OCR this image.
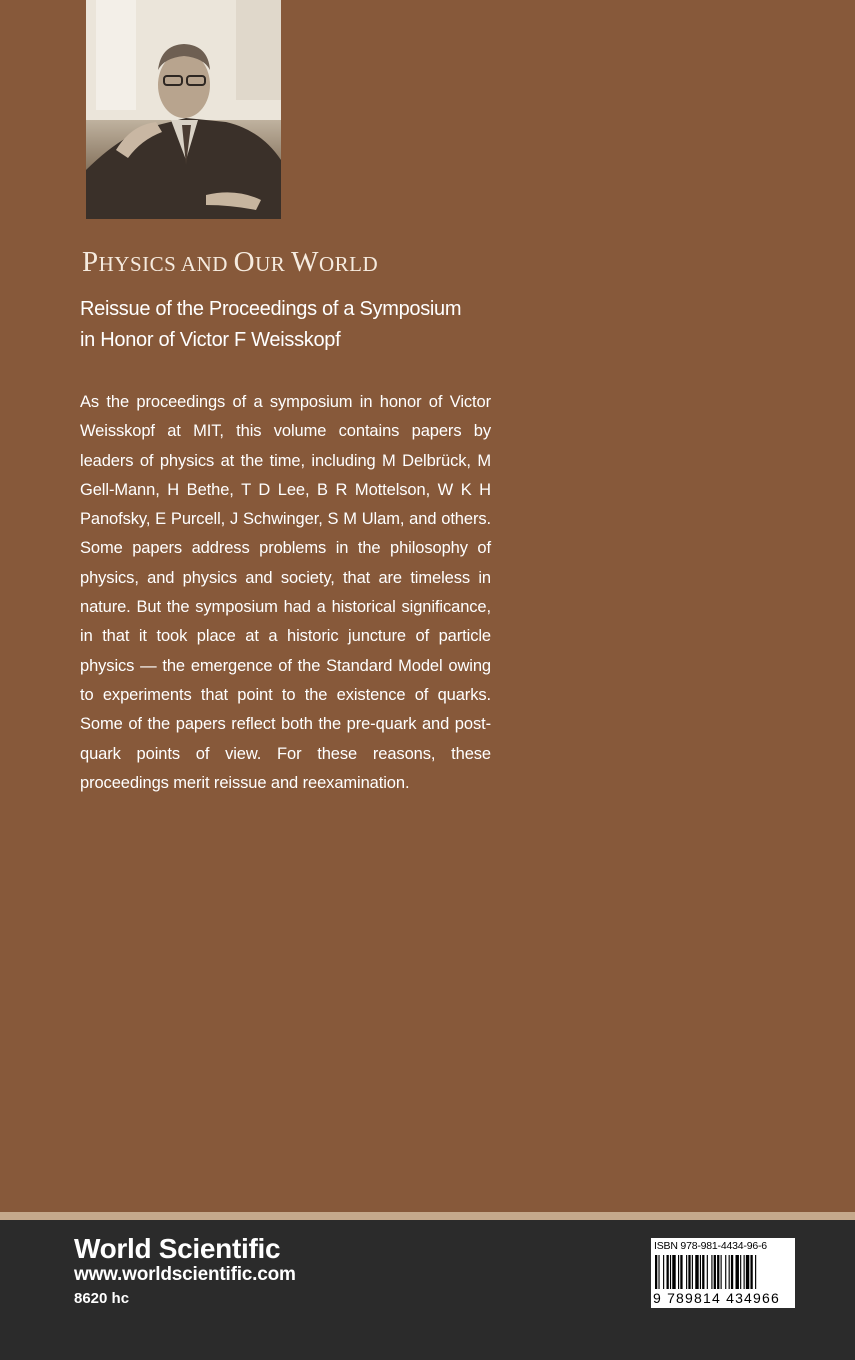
PHYSICS AND OUR WORLD
Reissue of the Proceedings of a Symposium
in Honor of Victor F Weisskopf
As the proceedings of a symposium in honor of Victor Weisskopf at MIT, this volume contains papers by leaders of physics at the time, including M Delbrück, M Gell-Mann, H Bethe, T D Lee, B R Mottelson, W K H Panofsky, E Purcell, J Schwinger, S M Ulam, and others. Some papers address problems in the philosophy of physics, and physics and society, that are timeless in nature. But the symposium had a historical significance, in that it took place at a historic juncture of particle physics — the emergence of the Standard Model owing to experiments that point to the existence of quarks. Some of the papers reflect both the pre-quark and post-quark points of view. For these reasons, these proceedings merit reissue and reexamination.
World Scientific
www.worldscientific.com
8620 hc
ISBN 978-981-4434-96-6
9 789814 434966
